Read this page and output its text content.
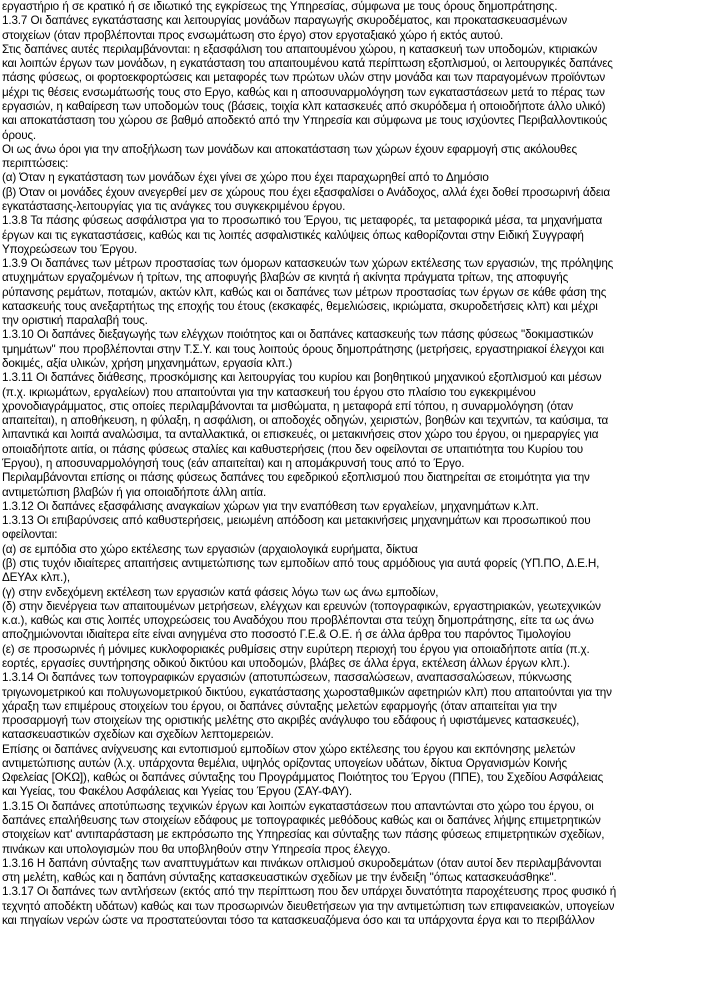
εργαστήριο ή σε κρατικό ή σε ιδιωτικό της εγκρίσεως της Υπηρεσίας, σύμφωνα με τους όρους δημοπράτησης.

1.3.7 Οι δαπάνες εγκατάστασης και λειτουργίας μονάδων παραγωγής σκυροδέματος, και προκατασκευασμένων

στοιχείων (όταν προβλέπονται προς ενσωμάτωση στο έργο) στον εργοταξιακό χώρο ή εκτός αυτού.

Στις δαπάνες αυτές περιλαμβάνονται: η εξασφάλιση του απαιτουμένου χώρου, η κατασκευή των υποδομών, κτιριακών

και λοιπών έργων των μονάδων, η εγκατάσταση του απαιτουμένου κατά περίπτωση εξοπλισμού, οι λειτουργικές δαπάνες

πάσης φύσεως, οι φορτοεκφορτώσεις και μεταφορές των πρώτων υλών στην μονάδα και των παραγομένων προϊόντων

μέχρι τις θέσεις ενσωμάτωσής τους στο Εργο, καθώς και η αποσυναρμολόγηση των εγκαταστάσεων μετά το πέρας των

εργασιών, η καθαίρεση των υποδομών τους (βάσεις, τοιχία κλπ κατασκευές από σκυρόδεμα ή οποιοδήποτε άλλο υλικό)

και αποκατάσταση του χώρου σε βαθμό αποδεκτό από την Υπηρεσία και σύμφωνα με τους ισχύοντες Περιβαλλοντικούς

όρους.

Οι ως άνω όροι για την αποξήλωση των μονάδων και αποκατάσταση των χώρων έχουν εφαρμογή στις ακόλουθες

περιπτώσεις:

(α) Όταν η εγκατάσταση των μονάδων έχει γίνει σε χώρο που έχει παραχωρηθεί από το Δημόσιο

(β) Όταν οι μονάδες έχουν ανεγερθεί μεν σε χώρους που έχει εξασφαλίσει ο Ανάδοχος, αλλά έχει δοθεί προσωρινή άδεια

εγκατάστασης-λειτουργίας για τις ανάγκες του συγκεκριμένου έργου.

1.3.8 Τα πάσης φύσεως ασφάλιστρα για το προσωπικό του Έργου, τις μεταφορές, τα μεταφορικά μέσα, τα μηχανήματα

έργων και τις εγκαταστάσεις, καθώς και τις λοιπές ασφαλιστικές καλύψεις όπως καθορίζονται στην Ειδική Συγγραφή

Υποχρεώσεων του Έργου.

1.3.9 Οι δαπάνες των μέτρων προστασίας των όμορων κατασκευών των χώρων εκτέλεσης των εργασιών, της πρόληψης

ατυχημάτων εργαζομένων ή τρίτων, της αποφυγής βλαβών σε κινητά ή ακίνητα πράγματα τρίτων, της αποφυγής

ρύπανσης ρεμάτων, ποταμών, ακτών κλπ, καθώς και οι δαπάνες των μέτρων προστασίας των έργων σε κάθε φάση της

κατασκευής τους ανεξαρτήτως της εποχής του έτους (εκσκαφές, θεμελιώσεις, ικριώματα, σκυροδετήσεις κλπ) και μέχρι

την οριστική παραλαβή τους.

1.3.10 Οι δαπάνες διεξαγωγής των ελέγχων ποιότητος και οι δαπάνες κατασκευής των πάσης φύσεως "δοκιμαστικών

τμημάτων" που προβλέπονται στην Τ.Σ.Υ. και τους λοιπούς όρους δημοπράτησης (μετρήσεις, εργαστηριακοί έλεγχοι και

δοκιμές, αξία υλικών, χρήση μηχανημάτων, εργασία κλπ.)

1.3.11 Οι δαπάνες διάθεσης, προσκόμισης και λειτουργίας του κυρίου και βοηθητικού μηχανικού εξοπλισμού και μέσων

(π.χ. ικριωμάτων, εργαλείων) που απαιτούνται για την κατασκευή του έργου στο πλαίσιο του εγκεκριμένου

χρονοδιαγράμματος, στις οποίες περιλαμβάνονται τα μισθώματα, η μεταφορά επί τόπου, η συναρμολόγηση (όταν

απαιτείται), η αποθήκευση, η φύλαξη, η ασφάλιση, οι αποδοχές οδηγών, χειριστών, βοηθών και τεχνιτών, τα καύσιμα, τα

λιπαντικά και λοιπά αναλώσιμα, τα ανταλλακτικά, οι επισκευές, οι μετακινήσεις στον χώρο του έργου, οι ημεραργίες για

οποιαδήποτε αιτία, οι πάσης φύσεως σταλίες και καθυστερήσεις (που δεν οφείλονται σε υπαιτιότητα του Κυρίου του

Έργου), η αποσυναρμολόγησή τους (εάν απαιτείται) και η απομάκρυνσή τους από το Έργο.

Περιλαμβάνονται επίσης οι πάσης φύσεως δαπάνες του εφεδρικού εξοπλισμού που διατηρείται σε ετοιμότητα για την

αντιμετώπιση βλαβών ή για οποιαδήποτε άλλη αιτία.

1.3.12 Οι δαπάνες εξασφάλισης αναγκαίων χώρων για την εναπόθεση των εργαλείων, μηχανημάτων κ.λπ.

1.3.13 Οι επιβαρύνσεις από καθυστερήσεις, μειωμένη απόδοση και μετακινήσεις μηχανημάτων και προσωπικού που

οφείλονται:

(α) σε εμπόδια στο χώρο εκτέλεσης των εργασιών (αρχαιολογικά ευρήματα, δίκτυα

(β) στις τυχόν ιδιαίτερες απαιτήσεις αντιμετώπισης των εμποδίων από τους αρμόδιους για αυτά φορείς (ΥΠ.ΠΟ, Δ.Ε.Η,

ΔΕΥΑx κλπ.),

(γ) στην ενδεχόμενη εκτέλεση των εργασιών κατά φάσεις λόγω των ως άνω εμποδίων,

(δ) στην διενέργεια των απαιτουμένων μετρήσεων, ελέγχων και ερευνών (τοπογραφικών, εργαστηριακών, γεωτεχνικών

κ.α.), καθώς και στις λοιπές υποχρεώσεις του Αναδόχου που προβλέπονται στα τεύχη δημοπράτησης, είτε τα ως άνω

αποζημιώνονται ιδιαίτερα είτε είναι ανηγμένα στο ποσοστό Γ.Ε.& Ο.Ε. ή σε άλλα άρθρα του παρόντος Τιμολογίου

(ε) σε προσωρινές ή μόνιμες κυκλοφοριακές ρυθμίσεις στην ευρύτερη περιοχή του έργου για οποιαδήποτε αιτία (π.χ.

εορτές, εργασίες συντήρησης οδικού δικτύου και υποδομών, βλάβες σε άλλα έργα, εκτέλεση άλλων έργων κλπ.).

1.3.14 Οι δαπάνες των τοπογραφικών εργασιών (αποτυπώσεων, πασσαλώσεων, αναπασσαλώσεων, πύκνωσης

τριγωνομετρικού και πολυγωνομετρικού δικτύου, εγκατάστασης χωροσταθμικών αφετηριών κλπ) που απαιτούνται για την

χάραξη των επιμέρους στοιχείων του έργου, οι δαπάνες σύνταξης μελετών εφαρμογής (όταν απαιτείται για την

προσαρμογή των στοιχείων της οριστικής μελέτης στο ακριβές ανάγλυφο του εδάφους ή υφιστάμενες κατασκευές),

κατασκευαστικών σχεδίων και σχεδίων λεπτομερειών.

Επίσης οι δαπάνες ανίχνευσης και εντοπισμού εμποδίων στον χώρο εκτέλεσης του έργου και εκπόνησης μελετών

αντιμετώπισης αυτών (λ.χ. υπάρχοντα θεμέλια, υψηλός ορίζοντας υπογείων υδάτων, δίκτυα Οργανισμών Κοινής

Ωφελείας [ΟΚΩ]), καθώς οι δαπάνες σύνταξης του Προγράμματος Ποιότητος του Έργου (ΠΠΕ), του Σχεδίου Ασφάλειας

και Υγείας, του Φακέλου Ασφάλειας και Υγείας του Έργου (ΣΑΥ-ΦΑΥ).

1.3.15 Οι δαπάνες αποτύπωσης τεχνικών έργων και λοιπών εγκαταστάσεων που απαντώνται στο χώρο του έργου, οι

δαπάνες επαλήθευσης των στοιχείων εδάφους με τοπογραφικές μεθόδους καθώς και οι δαπάνες λήψης επιμετρητικών

στοιχείων κατ' αντιπαράσταση με εκπρόσωπο της Υπηρεσίας και σύνταξης των πάσης φύσεως επιμετρητικών σχεδίων,

πινάκων και υπολογισμών που θα υποβληθούν στην Υπηρεσία προς έλεγχο.

1.3.16 Η δαπάνη σύνταξης των αναπτυγμάτων και πινάκων οπλισμού σκυροδεμάτων (όταν αυτοί δεν περιλαμβάνονται

στη μελέτη, καθώς και η δαπάνη σύνταξης κατασκευαστικών σχεδίων με την ένδειξη "όπως κατασκευάσθηκε".

1.3.17 Οι δαπάνες των αντλήσεων (εκτός από την περίπτωση που δεν υπάρχει δυνατότητα παροχέτευσης προς φυσικό ή

τεχνητό αποδέκτη υδάτων) καθώς και των προσωρινών διευθετήσεων για την αντιμετώπιση των επιφανειακών, υπογείων

και πηγαίων νερών ώστε να προστατεύονται τόσο τα κατασκευαζόμενα όσο και τα υπάρχοντα έργα και το περιβάλλον
